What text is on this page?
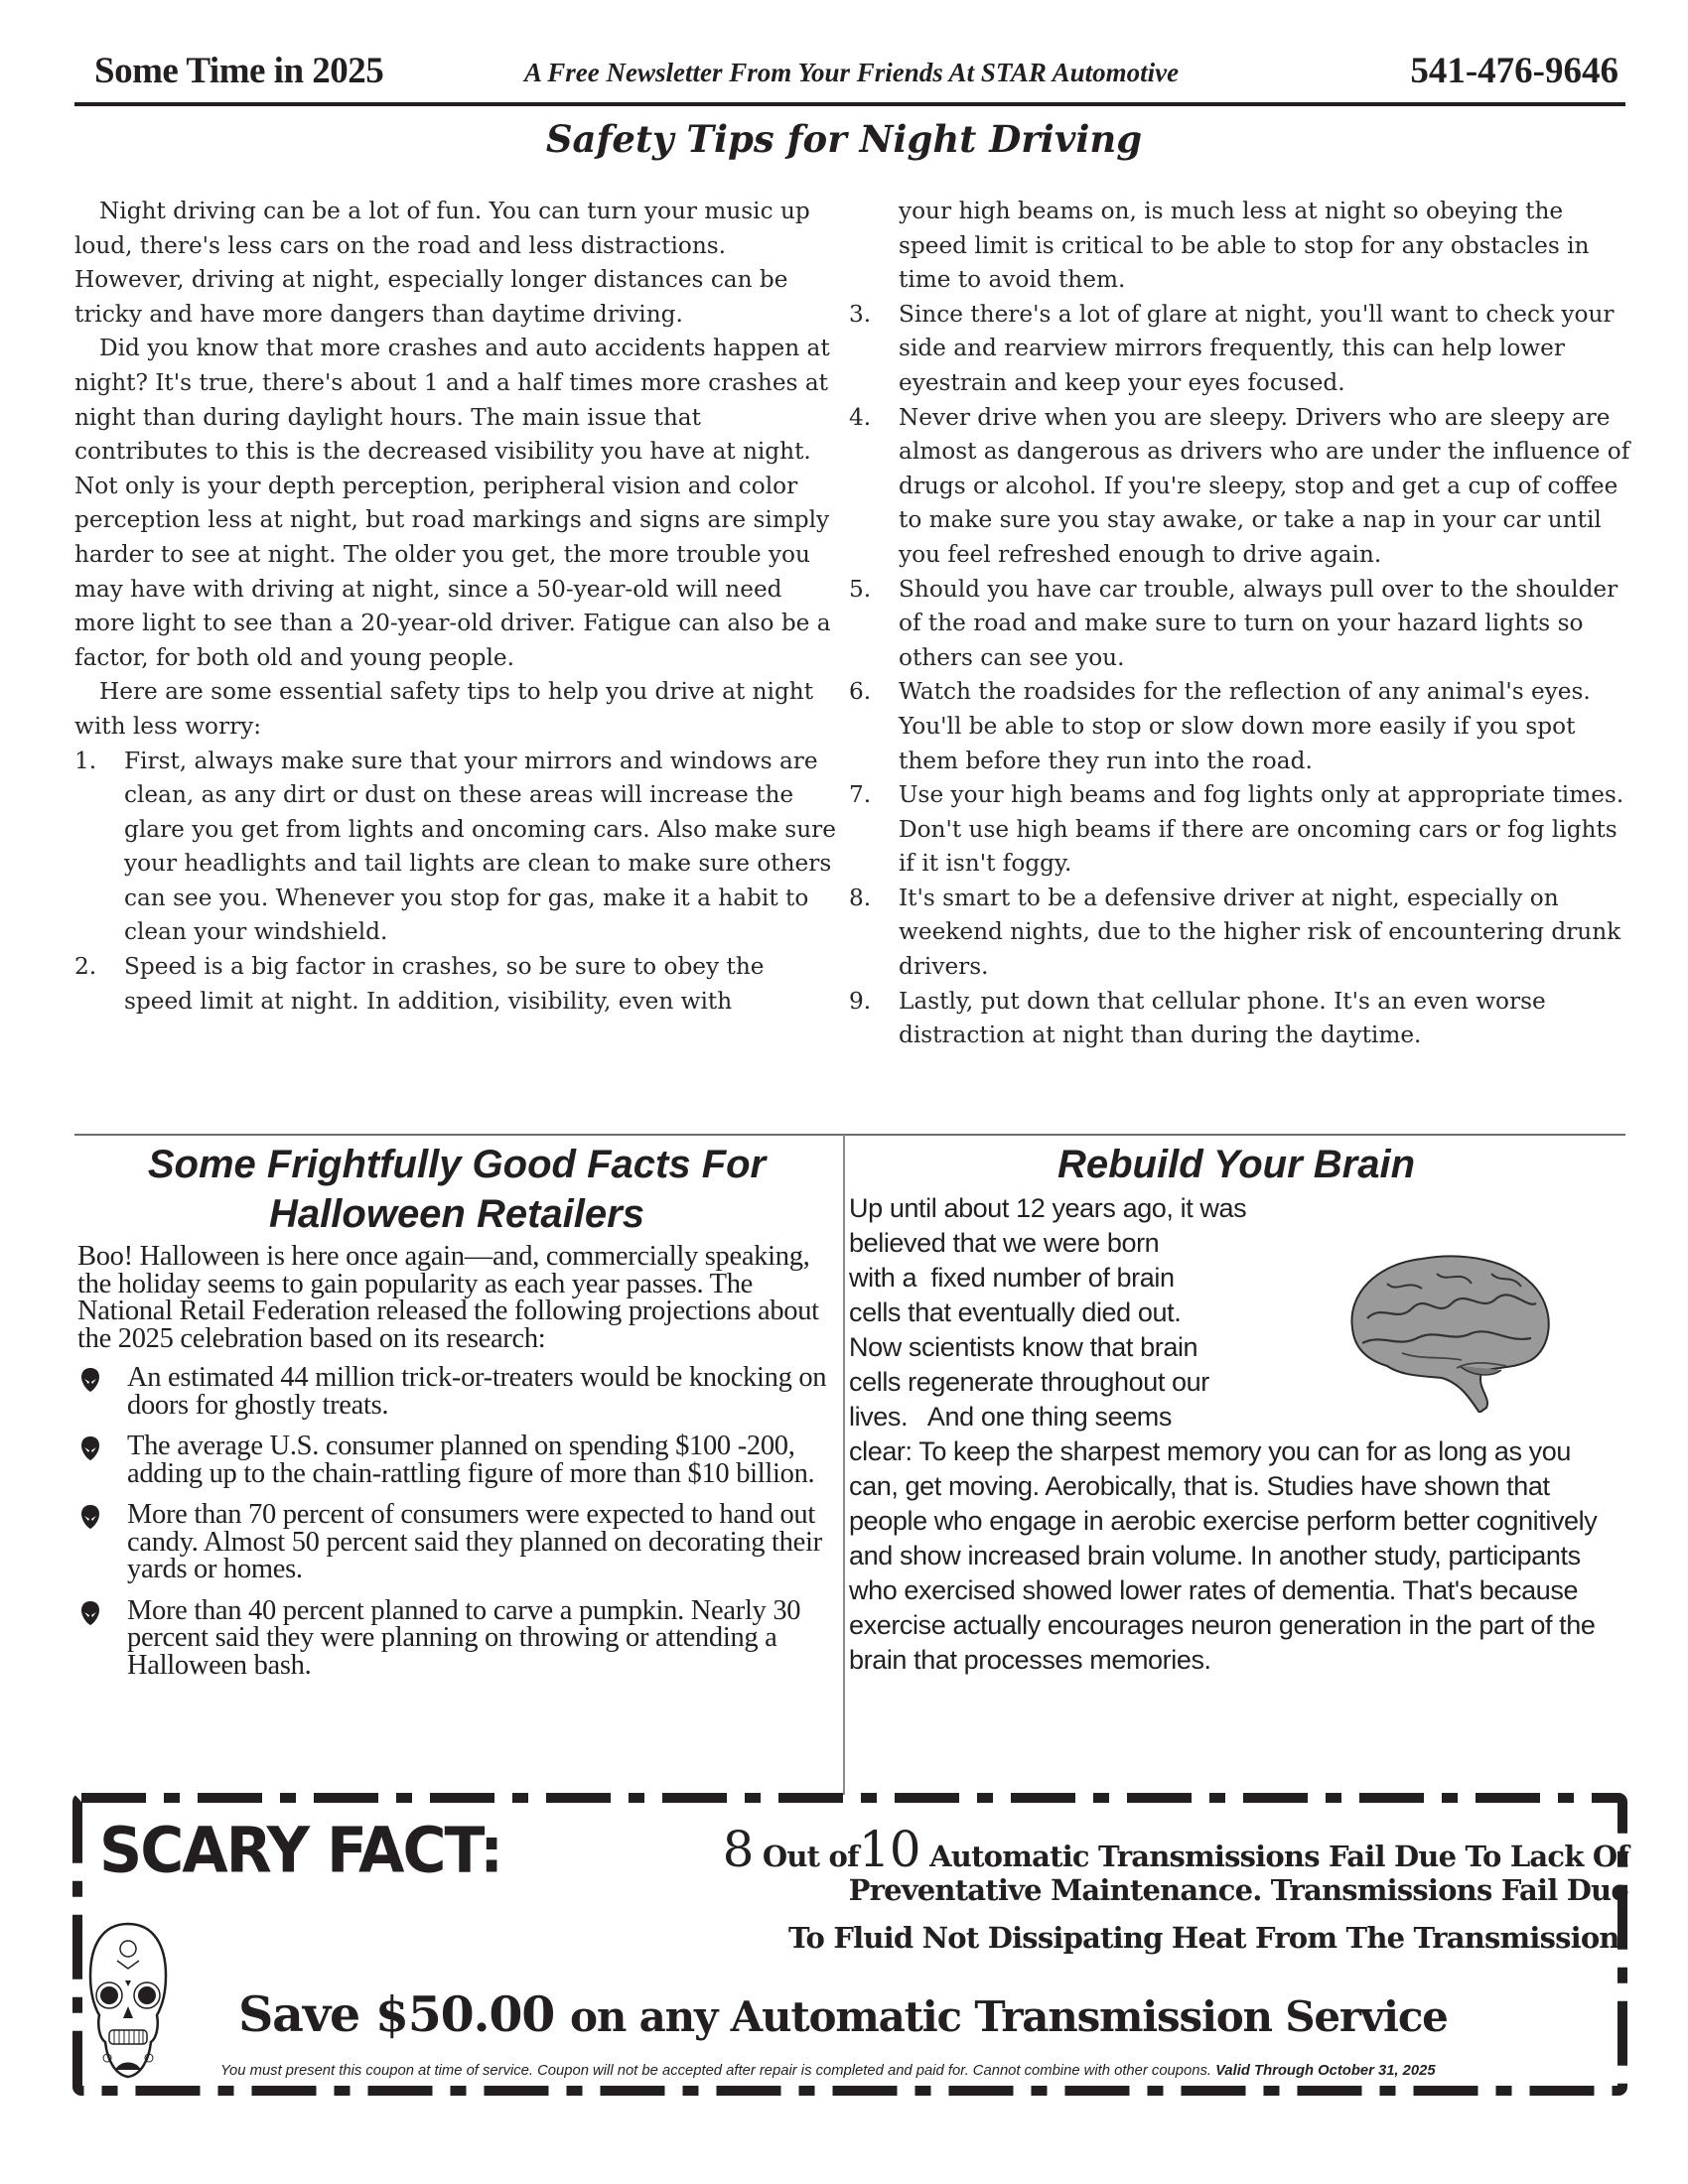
Some Time in 2025	A Free Newsletter From Your Friends At STAR Automotive	541-476-9646
Safety Tips for Night Driving

Night driving can be a lot of fun. You can turn your music up loud, there's less cars on the road and less distractions. However, driving at night, especially longer distances can be tricky and have more dangers than daytime driving.

Did you know that more crashes and auto accidents happen at night? It's true, there's about 1 and a half times more crashes at night than during daylight hours. The main issue that contributes to this is the decreased visibility you have at night. Not only is your depth perception, peripheral vision and color perception less at night, but road markings and signs are simply harder to see at night. The older you get, the more trouble you may have with driving at night, since a 50-year-old will need more light to see than a 20-year-old driver. Fatigue can also be a factor, for both old and young people.

Here are some essential safety tips to help you drive at night with less worry:

1. First, always make sure that your mirrors and windows are clean, as any dirt or dust on these areas will increase the glare you get from lights and oncoming cars. Also make sure your headlights and tail lights are clean to make sure others can see you. Whenever you stop for gas, make it a habit to clean your windshield.
2. Speed is a big factor in crashes, so be sure to obey the speed limit at night. In addition, visibility, even with
your high beams on, is much less at night so obeying the speed limit is critical to be able to stop for any obstacles in time to avoid them.
3. Since there's a lot of glare at night, you'll want to check your side and rearview mirrors frequently, this can help lower eyestrain and keep your eyes focused.
4. Never drive when you are sleepy. Drivers who are sleepy are almost as dangerous as drivers who are under the influence of drugs or alcohol. If you're sleepy, stop and get a cup of coffee to make sure you stay awake, or take a nap in your car until you feel refreshed enough to drive again.
5. Should you have car trouble, always pull over to the shoulder of the road and make sure to turn on your hazard lights so others can see you.
6. Watch the roadsides for the reflection of any animal's eyes. You'll be able to stop or slow down more easily if you spot them before they run into the road.
7. Use your high beams and fog lights only at appropriate times. Don't use high beams if there are oncoming cars or fog lights if it isn't foggy.
8. It's smart to be a defensive driver at night, especially on weekend nights, due to the higher risk of encountering drunk drivers.
9. Lastly, put down that cellular phone. It's an even worse distraction at night than during the daytime.
Some Frightfully Good Facts For
Halloween Retailers

Boo! Halloween is here once again—and, commercially speaking, the holiday seems to gain popularity as each year passes. The National Retail Federation released the following projections about the 2025 celebration based on its research:

An estimated 44 million trick-or-treaters would be knocking on doors for ghostly treats.
The average U.S. consumer planned on spending $100 -200, adding up to the chain-rattling figure of more than $10 billion.
More than 70 percent of consumers were expected to hand out candy. Almost 50 percent said they planned on decorating their yards or homes.
More than 40 percent planned to carve a pumpkin. Nearly 30 percent said they were planning on throwing or attending a Halloween bash.
Rebuild Your Brain
Up until about 12 years ago, it was
believed that we were born
with a  fixed number of brain
cells that eventually died out.
Now scientists know that brain
cells regenerate throughout our
lives.   And one thing seems
clear: To keep the sharpest memory you can for as long as you can, get moving. Aerobically, that is. Studies have shown that people who engage in aerobic exercise perform better cognitively and show increased brain volume. In another study, participants who exercised showed lower rates of dementia. That's because exercise actually encourages neuron generation in the part of the brain that processes memories.
SCARY FACT:	8 Out of10 Automatic Transmissions Fail Due To Lack Of
Preventative Maintenance. Transmissions Fail Due
To Fluid Not Dissipating Heat From The Transmission.
Save $50.00 on any Automatic Transmission Service
You must present this coupon at time of service. Coupon will not be accepted after repair is completed and paid for. Cannot combine with other coupons. Valid Through October 31, 2025
